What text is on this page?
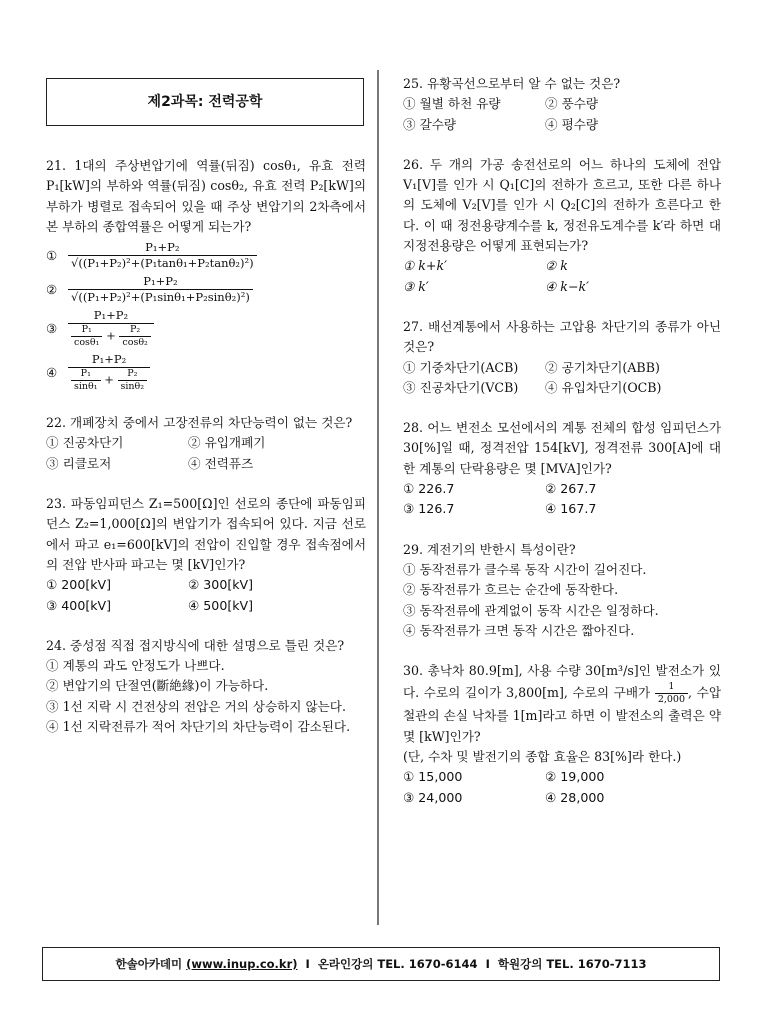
제2과목: 전력공학
21. 1대의 주상변압기에 역률(뒤짐) cosθ₁, 유효 전력 P₁[kW]의 부하와 역률(뒤짐) cosθ₂, 유효 전력 P₂[kW]의 부하가 병렬로 접속되어 있을 때 주상 변압기의 2차측에서 본 부하의 종합역률은 어떻게 되는가?
① $\frac{\text{P₁+P₂}}{\text{√((P₁+P₂)²+(P₁tanθ₁+P₂tanθ₂)²)}}$
② $\frac{\text{P₁+P₂}}{\text{√((P₁+P₂)²+(P₁sinθ₁+P₂sinθ₂)²)}}$
③ $\frac{\text{P₁+P₂}}{\frac{\text{P₁}}{\text{cosθ₁}} + \frac{\text{P₂}}{\text{cosθ₂}}}$
④ $\frac{\text{P₁+P₂}}{\frac{\text{P₁}}{\text{sinθ₁}} + \frac{\text{P₂}}{\text{sinθ₂}}}$
22. 개폐장치 중에서 고장전류의 차단능력이 없는 것은?
① 진공차단기	② 유입개폐기
③ 리클로저	④ 전력퓨즈
23. 파동임피던스 Z₁=500[Ω]인 선로의 종단에 파동임피던스 Z₂=1,000[Ω]의 변압기가 접속되어 있다. 지금 선로에서 파고 e₁=600[kV]의 전압이 진입할 경우 접속점에서의 전압 반사파 파고는 몇 [kV]인가?
① 200[kV]	② 300[kV]
③ 400[kV]	④ 500[kV]
24. 중성점 직접 접지방식에 대한 설명으로 틀린 것은?
① 계통의 과도 안정도가 나쁘다.
② 변압기의 단절연(斷絶緣)이 가능하다.
③ 1선 지락 시 건전상의 전압은 거의 상승하지 않는다.
④ 1선 지락전류가 적어 차단기의 차단능력이 감소된다.
25. 유황곡선으로부터 알 수 없는 것은?
① 월별 하천 유량	② 풍수량
③ 갈수량	④ 평수량
26. 두 개의 가공 송전선로의 어느 하나의 도체에 전압 V₁[V]를 인가 시 Q₁[C]의 전하가 흐르고, 또한 다른 하나의 도체에 V₂[V]를 인가 시 Q₂[C]의 전하가 흐른다고 한다. 이 때 정전용량계수를 k, 정전유도계수를 k′라 하면 대지정전용량은 어떻게 표현되는가?
① k+k′	② k
③ k′	④ k−k′
27. 배선계통에서 사용하는 고압용 차단기의 종류가 아닌 것은?
① 기중차단기(ACB)	② 공기차단기(ABB)
③ 진공차단기(VCB)	④ 유입차단기(OCB)
28. 어느 변전소 모선에서의 계통 전체의 합성 임피던스가 30[%]일 때, 정격전압 154[kV], 정격전류 300[A]에 대한 계통의 단락용량은 몇 [MVA]인가?
① 226.7	② 267.7
③ 126.7	④ 167.7
29. 계전기의 반한시 특성이란?
① 동작전류가 클수록 동작 시간이 길어진다.
② 동작전류가 흐르는 순간에 동작한다.
③ 동작전류에 관계없이 동작 시간은 일정하다.
④ 동작전류가 크면 동작 시간은 짧아진다.
30. 총낙차 80.9[m], 사용 수량 30[m³/s]인 발전소가 있다. 수로의 길이가 3,800[m], 수로의 구배가 $\frac{1}{2,000}$ , 수압 철관의 손실 낙차를 1[m]라고 하면 이 발전소의 출력은 약 몇 [kW]인가?
(단, 수차 및 발전기의 종합 효율은 83[%]라 한다.)
① 15,000	② 19,000
③ 24,000	④ 28,000
한솔아카데미
(www.inup.co.kr)
I
온라인강의 TEL. 1670-6144
I
학원강의 TEL. 1670-7113
